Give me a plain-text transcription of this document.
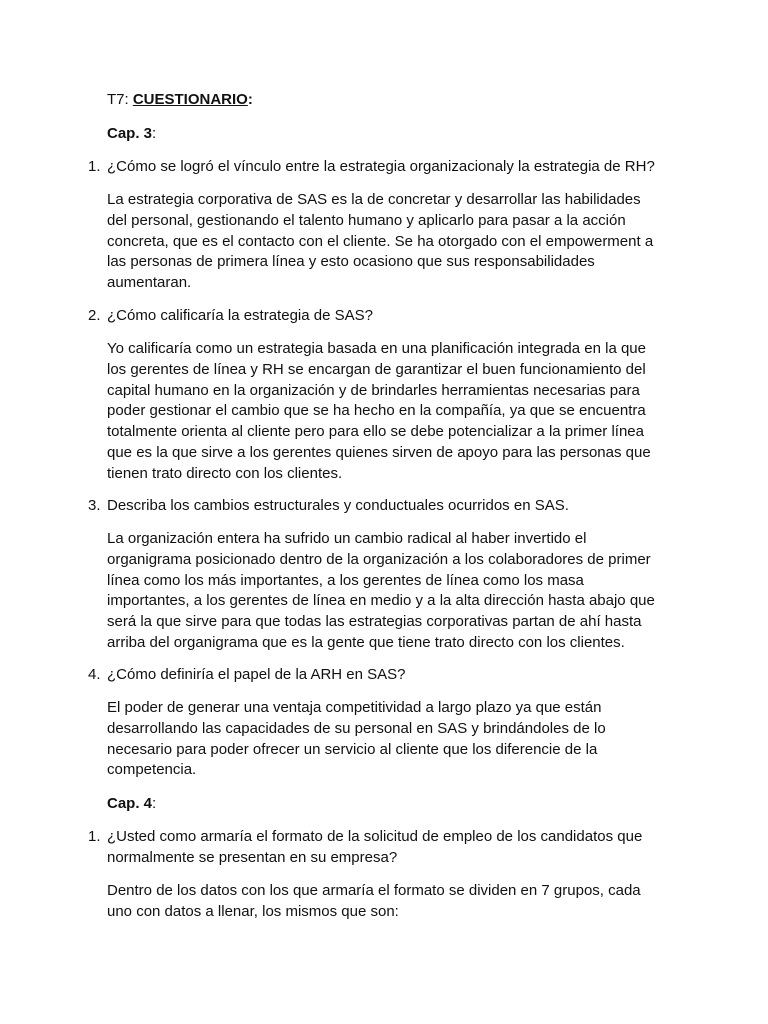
T7: CUESTIONARIO:

Cap. 3:

1. ¿Cómo se logró el vínculo entre la estrategia organizacionaly la estrategia de RH?

La estrategia corporativa de SAS es la de concretar y desarrollar las habilidades
del personal, gestionando el talento humano y aplicarlo para pasar a la acción
concreta, que es el contacto con el cliente. Se ha otorgado con el empowerment a
las personas de primera línea y esto ocasiono que sus responsabilidades
aumentaran.

2. ¿Cómo calificaría la estrategia de SAS?

Yo calificaría como un estrategia basada en una planificación integrada en la que
los gerentes de línea y RH se encargan de garantizar el buen funcionamiento del
capital humano en la organización y de brindarles herramientas necesarias para
poder gestionar el cambio que se ha hecho en la compañía, ya que se encuentra
totalmente orienta al cliente pero para ello se debe potencializar a la primer línea
que es la que sirve a los gerentes quienes sirven de apoyo para las personas que
tienen trato directo con los clientes.

3. Describa los cambios estructurales y conductuales ocurridos en SAS.

La organización entera ha sufrido un cambio radical al haber invertido el
organigrama posicionado dentro de la organización a los colaboradores de primer
línea como los más importantes, a los gerentes de línea como los masa
importantes, a los gerentes de línea en medio y a la alta dirección hasta abajo que
será la que sirve para que todas las estrategias corporativas partan de ahí hasta
arriba del organigrama que es la gente que tiene trato directo con los clientes.

4. ¿Cómo definiría el papel de la ARH en SAS?

El poder de generar una ventaja competitividad a largo plazo ya que están
desarrollando las capacidades de su personal en SAS y brindándoles de lo
necesario para poder ofrecer un servicio al cliente que los diferencie de la
competencia.

Cap. 4:

1. ¿Usted como armaría el formato de la solicitud de empleo de los candidatos que
normalmente se presentan en su empresa?

Dentro de los datos con los que armaría el formato se dividen en 7 grupos, cada
uno con datos a llenar, los mismos que son:
